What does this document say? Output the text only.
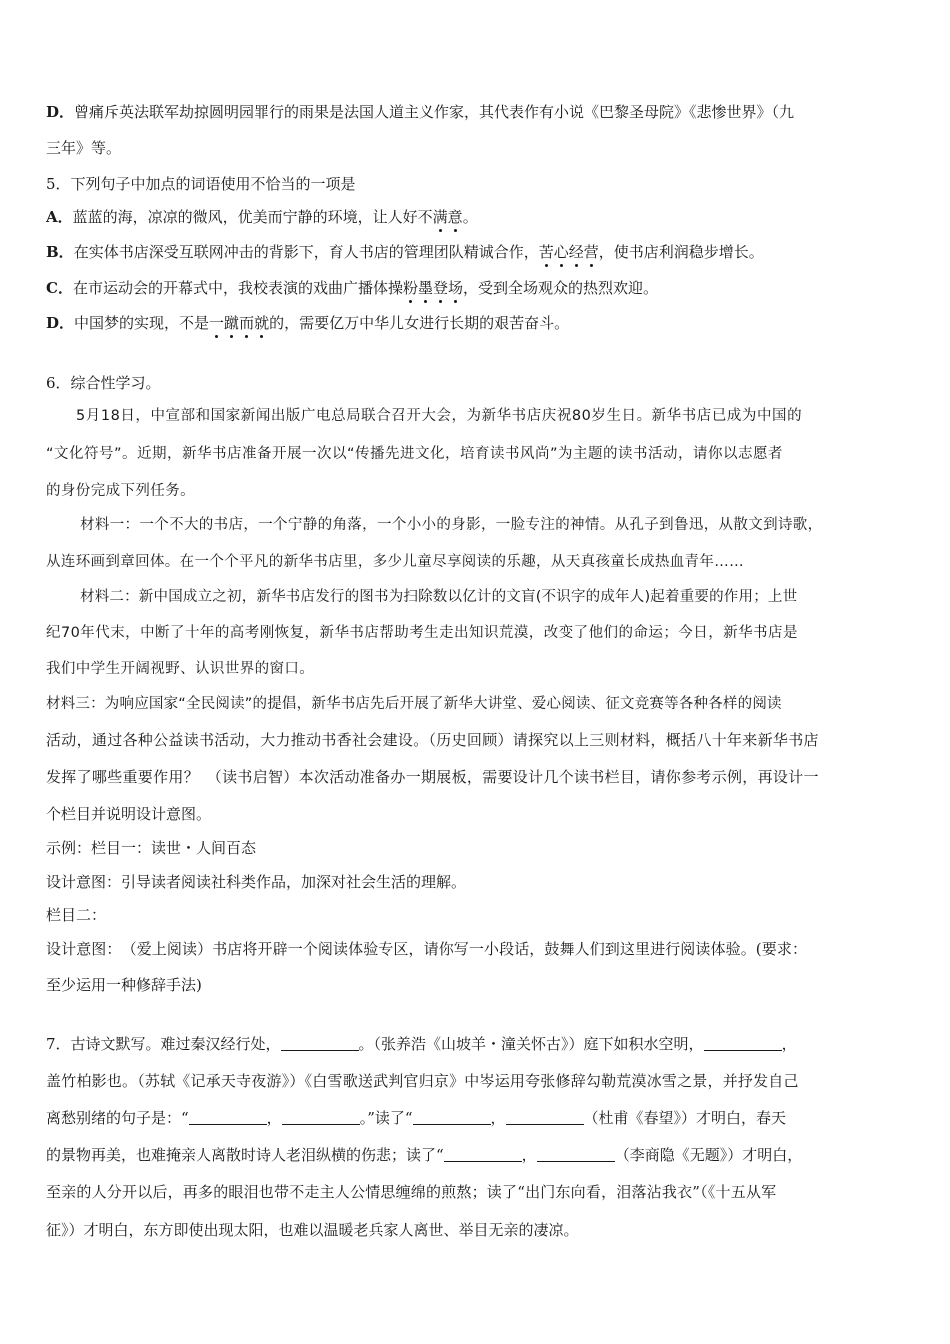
D．曾痛斥英法联军劫掠圆明园罪行的雨果是法国人道主义作家，其代表作有小说《巴黎圣母院》《悲惨世界》（九
三年》等。
5．下列句子中加点的词语使用不恰当的一项是
A．蓝蓝的海，凉凉的微风，优美而宁静的环境，让人好不满意。
B．在实体书店深受互联网冲击的背影下，育人书店的管理团队精诚合作，苦心经营，使书店利润稳步增长。
C．在市运动会的开幕式中，我校表演的戏曲广播体操粉墨登场，受到全场观众的热烈欢迎。
D．中国梦的实现，不是一蹴而就的，需要亿万中华儿女进行长期的艰苦奋斗。
6．综合性学习。
5月18日，中宣部和国家新闻出版广电总局联合召开大会，为新华书店庆祝80岁生日。新华书店已成为中国的
“文化符号”。近期，新华书店准备开展一次以“传播先进文化，培育读书风尚”为主题的读书活动，请你以志愿者
的身份完成下列任务。
材料一：一个不大的书店，一个宁静的角落，一个小小的身影，一脸专注的神情。从孔子到鲁迅，从散文到诗歌，
从连环画到章回体。在一个个平凡的新华书店里，多少儿童尽享阅读的乐趣，从天真孩童长成热血青年……
材料二：新中国成立之初，新华书店发行的图书为扫除数以亿计的文盲(不识字的成年人)起着重要的作用；上世
纪70年代末，中断了十年的高考刚恢复，新华书店帮助考生走出知识荒漠，改变了他们的命运；今日，新华书店是
我们中学生开阔视野、认识世界的窗口。
材料三：为响应国家“全民阅读”的提倡，新华书店先后开展了新华大讲堂、爱心阅读、征文竞赛等各种各样的阅读
活动，通过各种公益读书活动，大力推动书香社会建设。（历史回顾）请探究以上三则材料，概括八十年来新华书店
发挥了哪些重要作用？　（读书启智）本次活动准备办一期展板，需要设计几个读书栏目，请你参考示例，再设计一
个栏目并说明设计意图。
示例：栏目一：读世・人间百态
设计意图：引导读者阅读社科类作品，加深对社会生活的理解。
栏目二：
设计意图：　（爱上阅读）书店将开辟一个阅读体验专区，请你写一小段话，鼓舞人们到这里进行阅读体验。(要求：
至少运用一种修辞手法)
7．古诗文默写。难过秦汉经行处，	。（张养浩《山坡羊・潼关怀古》）庭下如积水空明，	，
盖竹柏影也。（苏轼《记承天寺夜游》）《白雪歌送武判官归京》中岑运用夸张修辞勾勒荒漠冰雪之景，并抒发自己
离愁别绪的句子是：“	，	。”读了“	，	（杜甫《春望》）才明白，春天
的景物再美，也难掩亲人离散时诗人老泪纵横的伤悲；读了“	，	（李商隐《无题》）才明白，
至亲的人分开以后，再多的眼泪也带不走主人公情思缠绵的煎熬；读了“出门东向看，泪落沾我衣”（《十五从军
征》）才明白，东方即使出现太阳，也难以温暖老兵家人离世、举目无亲的凄凉。
